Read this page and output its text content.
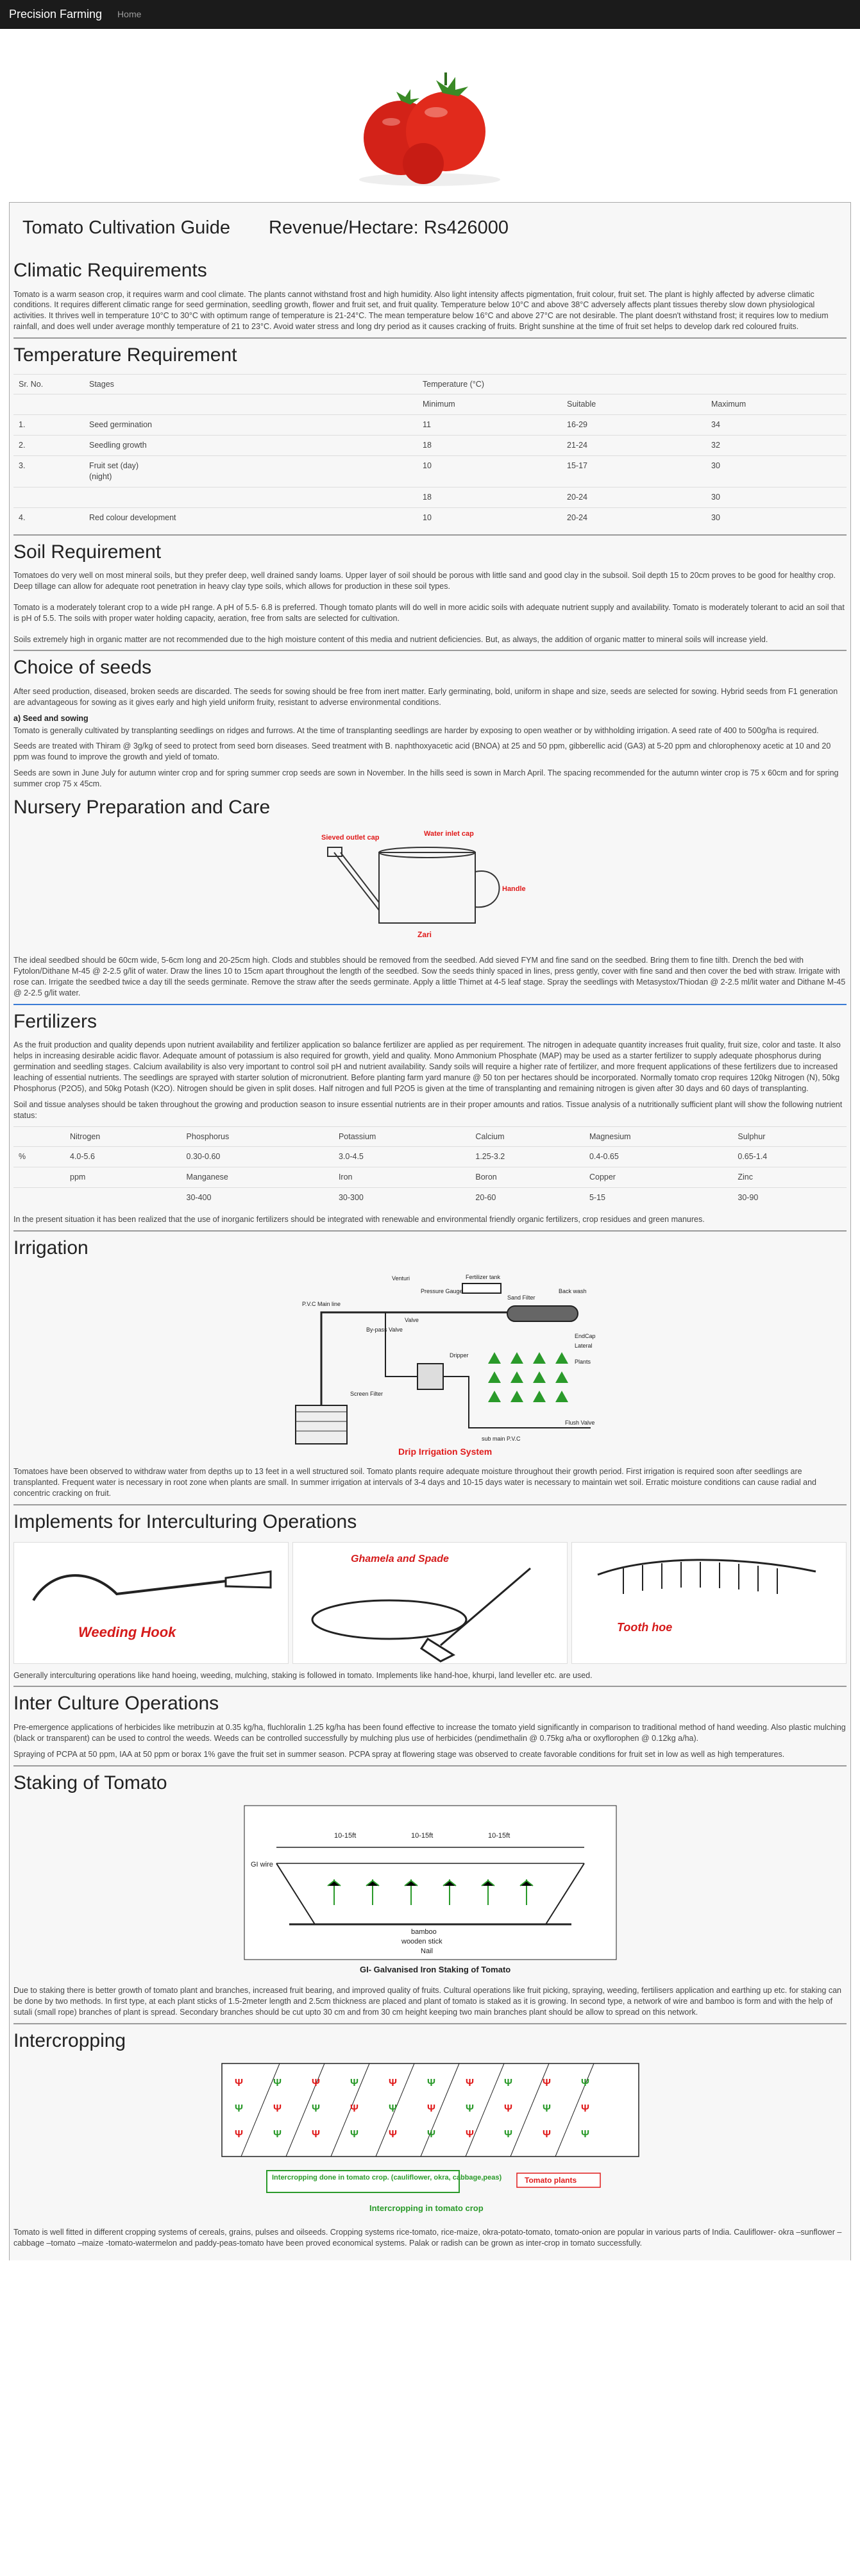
Precision Farming Home
Tomato Cultivation Guide Revenue/Hectare: Rs426000
Climatic Requirements

Tomato is a warm season crop, it requires warm and cool climate. The plants cannot withstand frost and high humidity. Also light intensity affects pigmentation, fruit colour, fruit set. The plant is highly affected by adverse climatic conditions. It requires different climatic range for seed germination, seedling growth, flower and fruit set, and fruit quality. Temperature below 10°C and above 38°C adversely affects plant tissues thereby slow down physiological activities. It thrives well in temperature 10°C to 30°C with optimum range of temperature is 21-24°C. The mean temperature below 16°C and above 27°C are not desirable. The plant doesn't withstand frost; it requires low to medium rainfall, and does well under average monthly temperature of 21 to 23°C. Avoid water stress and long dry period as it causes cracking of fruits. Bright sunshine at the time of fruit set helps to develop dark red coloured fruits.

Temperature Requirement
Sr. No.	Stages	Temperature (°C)		
		Minimum	Suitable	Maximum
1.	Seed germination	11	16-29	34
2.	Seedling growth	18	21-24	32
3.	Fruit set (day)
(night)	10	15-17	30
		18	20-24	30
4.	Red colour development	10	20-24	30
Soil Requirement

Tomatoes do very well on most mineral soils, but they prefer deep, well drained sandy loams. Upper layer of soil should be porous with little sand and good clay in the subsoil. Soil depth 15 to 20cm proves to be good for healthy crop. Deep tillage can allow for adequate root penetration in heavy clay type soils, which allows for production in these soil types.

Tomato is a moderately tolerant crop to a wide pH range. A pH of 5.5- 6.8 is preferred. Though tomato plants will do well in more acidic soils with adequate nutrient supply and availability. Tomato is moderately tolerant to acid an soil that is pH of 5.5. The soils with proper water holding capacity, aeration, free from salts are selected for cultivation.

Soils extremely high in organic matter are not recommended due to the high moisture content of this media and nutrient deficiencies. But, as always, the addition of organic matter to mineral soils will increase yield.

Choice of seeds

After seed production, diseased, broken seeds are discarded. The seeds for sowing should be free from inert matter. Early germinating, bold, uniform in shape and size, seeds are selected for sowing. Hybrid seeds from F1 generation are advantageous for sowing as it gives early and high yield uniform fruity, resistant to adverse environmental conditions.

a) Seed and sowing

Tomato is generally cultivated by transplanting seedlings on ridges and furrows. At the time of transplanting seedlings are harder by exposing to open weather or by withholding irrigation. A seed rate of 400 to 500g/ha is required.

Seeds are treated with Thiram @ 3g/kg of seed to protect from seed born diseases. Seed treatment with B. naphthoxyacetic acid (BNOA) at 25 and 50 ppm, gibberellic acid (GA3) at 5-20 ppm and chlorophenoxy acetic at 10 and 20 ppm was found to improve the growth and yield of tomato.

Seeds are sown in June July for autumn winter crop and for spring summer crop seeds are sown in November. In the hills seed is sown in March April. The spacing recommended for the autumn winter crop is 75 x 60cm and for spring summer crop 75 x 45cm.

Nursery Preparation and Care
Sieved outlet cap	Water inlet cap
Handle
Zari

The ideal seedbed should be 60cm wide, 5-6cm long and 20-25cm high. Clods and stubbles should be removed from the seedbed. Add sieved FYM and fine sand on the seedbed. Bring them to fine tilth. Drench the bed with Fytolon/Dithane M-45 @ 2-2.5 g/lit of water. Draw the lines 10 to 15cm apart throughout the length of the seedbed. Sow the seeds thinly spaced in lines, press gently, cover with fine sand and then cover the bed with straw. Irrigate with rose can. Irrigate the seedbed twice a day till the seeds germinate. Remove the straw after the seeds germinate. Apply a little Thimet at 4-5 leaf stage. Spray the seedlings with Metasystox/Thiodan @ 2-2.5 ml/lit water and Dithane M-45 @ 2-2.5 g/lit water.

Fertilizers

As the fruit production and quality depends upon nutrient availability and fertilizer application so balance fertilizer are applied as per requirement. The nitrogen in adequate quantity increases fruit quality, fruit size, color and taste. It also helps in increasing desirable acidic flavor. Adequate amount of potassium is also required for growth, yield and quality. Mono Ammonium Phosphate (MAP) may be used as a starter fertilizer to supply adequate phosphorus during germination and seedling stages. Calcium availability is also very important to control soil pH and nutrient availability. Sandy soils will require a higher rate of fertilizer, and more frequent applications of these fertilizers due to increased leaching of essential nutrients. The seedlings are sprayed with starter solution of micronutrient. Before planting farm yard manure @ 50 ton per hectares should be incorporated. Normally tomato crop requires 120kg Nitrogen (N), 50kg Phosphorus (P2O5), and 50kg Potash (K2O). Nitrogen should be given in split doses. Half nitrogen and full P2O5 is given at the time of transplanting and remaining nitrogen is given after 30 days and 60 days of transplanting.

Soil and tissue analyses should be taken throughout the growing and production season to insure essential nutrients are in their proper amounts and ratios. Tissue analysis of a nutritionally sufficient plant will show the following nutrient status:

	Nitrogen	Phosphorus	Potassium	Calcium	Magnesium	Sulphur
%	4.0-5.6	0.30-0.60	3.0-4.5	1.25-3.2	0.4-0.65	0.65-1.4
	ppm	Manganese	Iron	Boron	Copper	Zinc
		30-400	30-300	20-60	5-15	30-90

In the present situation it has been realized that the use of inorganic fertilizers should be integrated with renewable and environmental friendly organic fertilizers, crop residues and green manures.

Irrigation
Fertilizer tank
Venturi
Pressure Gauge
Sand Filter
Back wash
Valve
P.V.C Main line
By-pass Valve
Screen Filter
Dripper
EndCap
Lateral
Plants
Flush Valve
sub main P.V.C
Drip Irrigation System

Tomatoes have been observed to withdraw water from depths up to 13 feet in a well structured soil. Tomato plants require adequate moisture throughout their growth period. First irrigation is required soon after seedlings are transplanted. Frequent water is necessary in root zone when plants are small. In summer irrigation at intervals of 3-4 days and 10-15 days water is necessary to maintain wet soil. Erratic moisture conditions can cause radial and concentric cracking on fruit.

Implements for Interculturing Operations
Weeding Hook
Ghamela and Spade
Tooth hoe

Generally interculturing operations like hand hoeing, weeding, mulching, staking is followed in tomato. Implements like hand-hoe, khurpi, land leveller etc. are used.

Inter Culture Operations

Pre-emergence applications of herbicides like metribuzin at 0.35 kg/ha, fluchloralin 1.25 kg/ha has been found effective to increase the tomato yield significantly in comparison to traditional method of hand weeding. Also plastic mulching (black or transparent) can be used to control the weeds. Weeds can be controlled successfully by mulching plus use of herbicides (pendimethalin @ 0.75kg a/ha or oxyflorophen @ 0.12kg a/ha).

Spraying of PCPA at 50 ppm, IAA at 50 ppm or borax 1% gave the fruit set in summer season. PCPA spray at flowering stage was observed to create favorable conditions for fruit set in low as well as high temperatures.

Staking of Tomato
10-15ft	10-15ft	10-15ft
GI wire
bamboo
wooden stick
Nail
GI- Galvanised Iron Staking of Tomato

Due to staking there is better growth of tomato plant and branches, increased fruit bearing, and improved quality of fruits. Cultural operations like fruit picking, spraying, weeding, fertilisers application and earthing up etc. for staking can be done by two methods. In first type, at each plant sticks of 1.5-2meter length and 2.5cm thickness are placed and plant of tomato is staked as it is growing. In second type, a network of wire and bamboo is form and with the help of sutali (small rope) branches of plant is spread. Secondary branches should be cut upto 30 cm and from 30 cm height keeping two main branches plant should be allow to spread on this network.

Intercropping
Ψ
Ψ
Ψ
Ψ
Ψ
Ψ
Ψ
Ψ
Ψ
Ψ
Ψ
Ψ
Ψ
Ψ
Ψ
Ψ
Ψ
Ψ
Ψ
Ψ
Ψ
Ψ
Ψ
Ψ
Ψ
Ψ
Ψ
Ψ
Ψ
Ψ
Intercropping done in tomato crop. (cauliflower, okra, cabbage,peas)	Tomato plants
Intercropping in tomato crop

Tomato is well fitted in different cropping systems of cereals, grains, pulses and oilseeds. Cropping systems rice-tomato, rice-maize, okra-potato-tomato, tomato-onion are popular in various parts of India. Cauliflower- okra –sunflower –cabbage –tomato –maize -tomato-watermelon and paddy-peas-tomato have been proved economical systems. Palak or radish can be grown as inter-crop in tomato successfully.
